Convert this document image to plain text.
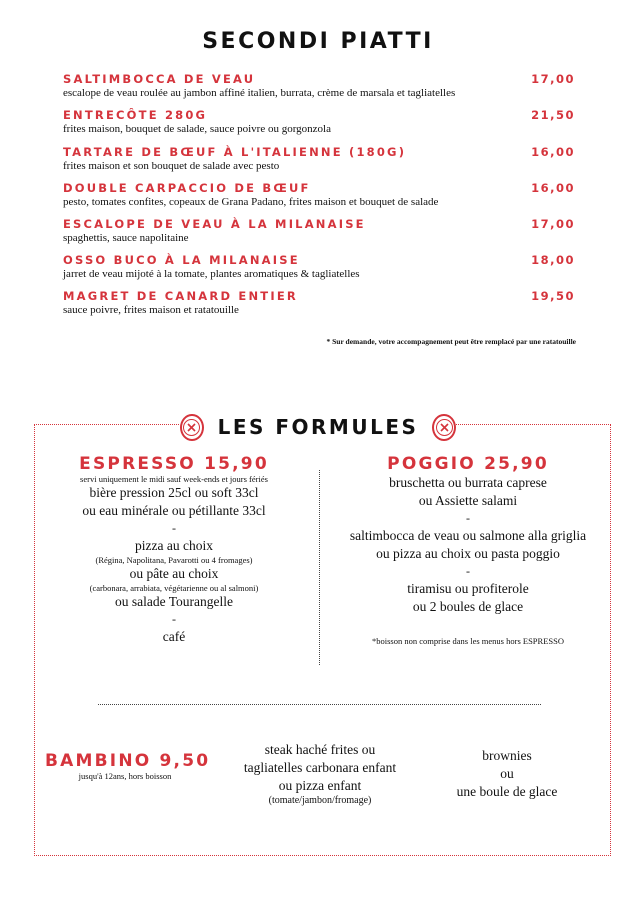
SECONDI PIATTI
SALTIMBOCCA DE VEAU	17,00
escalope de veau roulée au jambon affiné italien, burrata, crème de marsala et tagliatelles
ENTRECÔTE 280G	21,50
frites maison, bouquet de salade, sauce poivre ou gorgonzola
TARTARE DE BŒUF À L'ITALIENNE (180G)	16,00
frites maison et son bouquet de salade avec pesto
DOUBLE CARPACCIO DE BŒUF	16,00
pesto, tomates confites, copeaux de Grana Padano, frites maison et bouquet de salade
ESCALOPE DE VEAU À LA MILANAISE	17,00
spaghettis, sauce napolitaine
OSSO BUCO À LA MILANAISE	18,00
jarret de veau mijoté à la tomate, plantes aromatiques & tagliatelles
MAGRET DE CANARD ENTIER	19,50
sauce poivre, frites maison et ratatouille
* Sur demande, votre accompagnement peut être remplacé par une ratatouille
LES FORMULES
ESPRESSO 15,90
servi uniquement le midi sauf week-ends et jours fériés
bière pression 25cl ou soft 33cl
ou eau minérale ou pétillante 33cl
-
pizza au choix
(Régina, Napolitana, Pavarotti ou 4 fromages)
ou pâte au choix
(carbonara, arrabiata, végétarienne ou al salmoni)
ou salade Tourangelle
-
café
POGGIO 25,90
bruschetta ou burrata caprese
ou Assiette salami
-
saltimbocca de veau ou salmone alla griglia
ou pizza au choix ou pasta poggio
-
tiramisu ou profiterole
ou 2 boules de glace
*boisson non comprise dans les menus hors ESPRESSO
BAMBINO 9,50
jusqu'à 12ans, hors boisson
steak haché frites ou
tagliatelles carbonara enfant
ou pizza enfant
(tomate/jambon/fromage)
brownies
ou
une boule de glace
